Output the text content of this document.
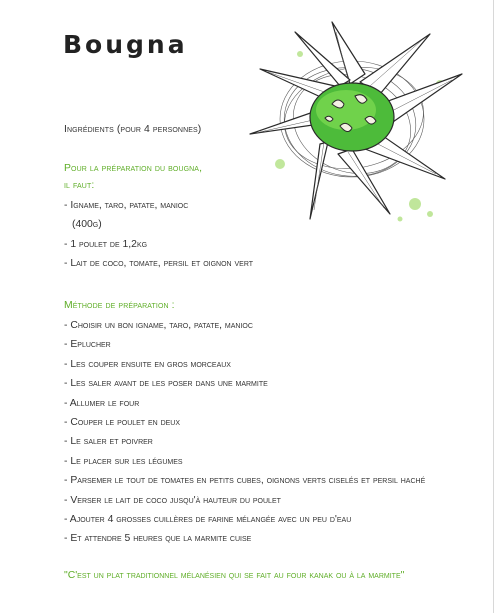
Bougna
Ingrédients (pour 4 personnes)
Pour la préparation du bougna,
il faut:
- Igname, taro, patate, manioc
(400g)
- 1 poulet de 1,2kg
- Lait de coco, tomate, persil et oignon vert
Méthode de préparation :
- Choisir un bon igname, taro, patate, manioc
- Eplucher
- Les couper ensuite en gros morceaux
- Les saler avant de les poser dans une marmite
- Allumer le four
- Couper le poulet en deux
- Le saler et poivrer
- Le placer sur les légumes
- Parsemer le tout de tomates en petits cubes, oignons verts ciselés et persil haché
- Verser le lait de coco jusqu'à hauteur du poulet
- Ajouter 4 grosses cuillères de farine mélangée avec un peu d'eau
- Et attendre 5 heures que la marmite cuise
"C'est un plat traditionnel mélanésien qui se fait au four kanak ou à la marmite"
